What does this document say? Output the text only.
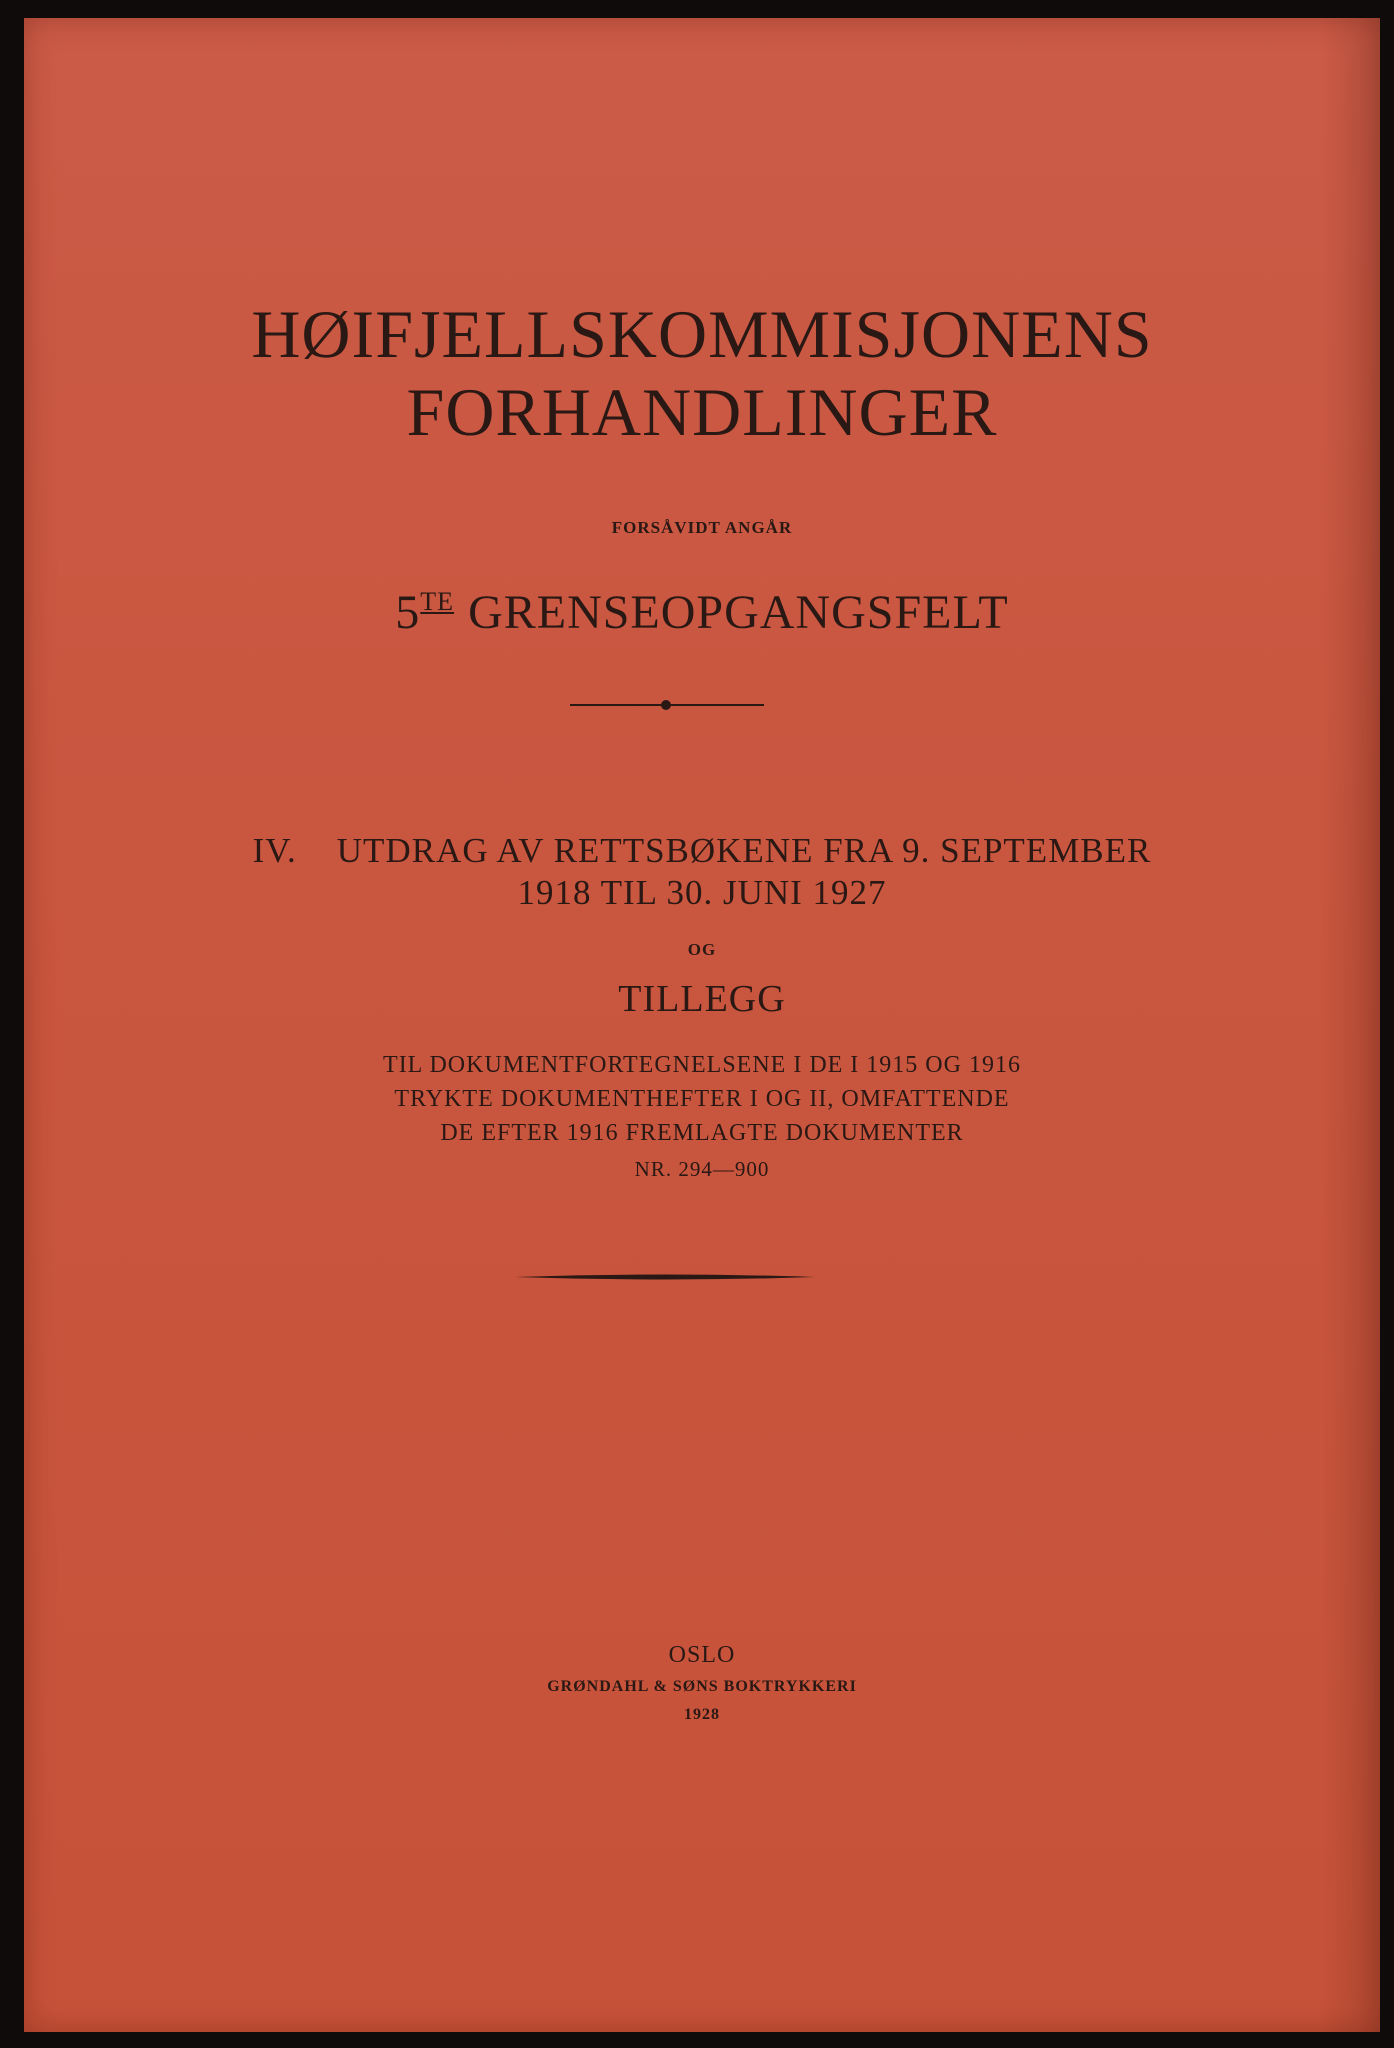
HØIFJELLSKOMMISJONENS
FORHANDLINGER
FORSÅVIDT ANGÅR
$5^{TE}$ GRENSEOPGANGSFELT
IV. UTDRAG AV RETTSBØKENE FRA 9. SEPTEMBER
1918 TIL 30. JUNI 1927
OG
TILLEGG
TIL DOKUMENTFORTEGNELSENE I DE I 1915 OG 1916
TRYKTE DOKUMENTHEFTER I OG II, OMFATTENDE
DE EFTER 1916 FREMLAGTE DOKUMENTER
NR. 294—900
OSLO
GRØNDAHL & SØNS BOKTRYKKERI
1928
